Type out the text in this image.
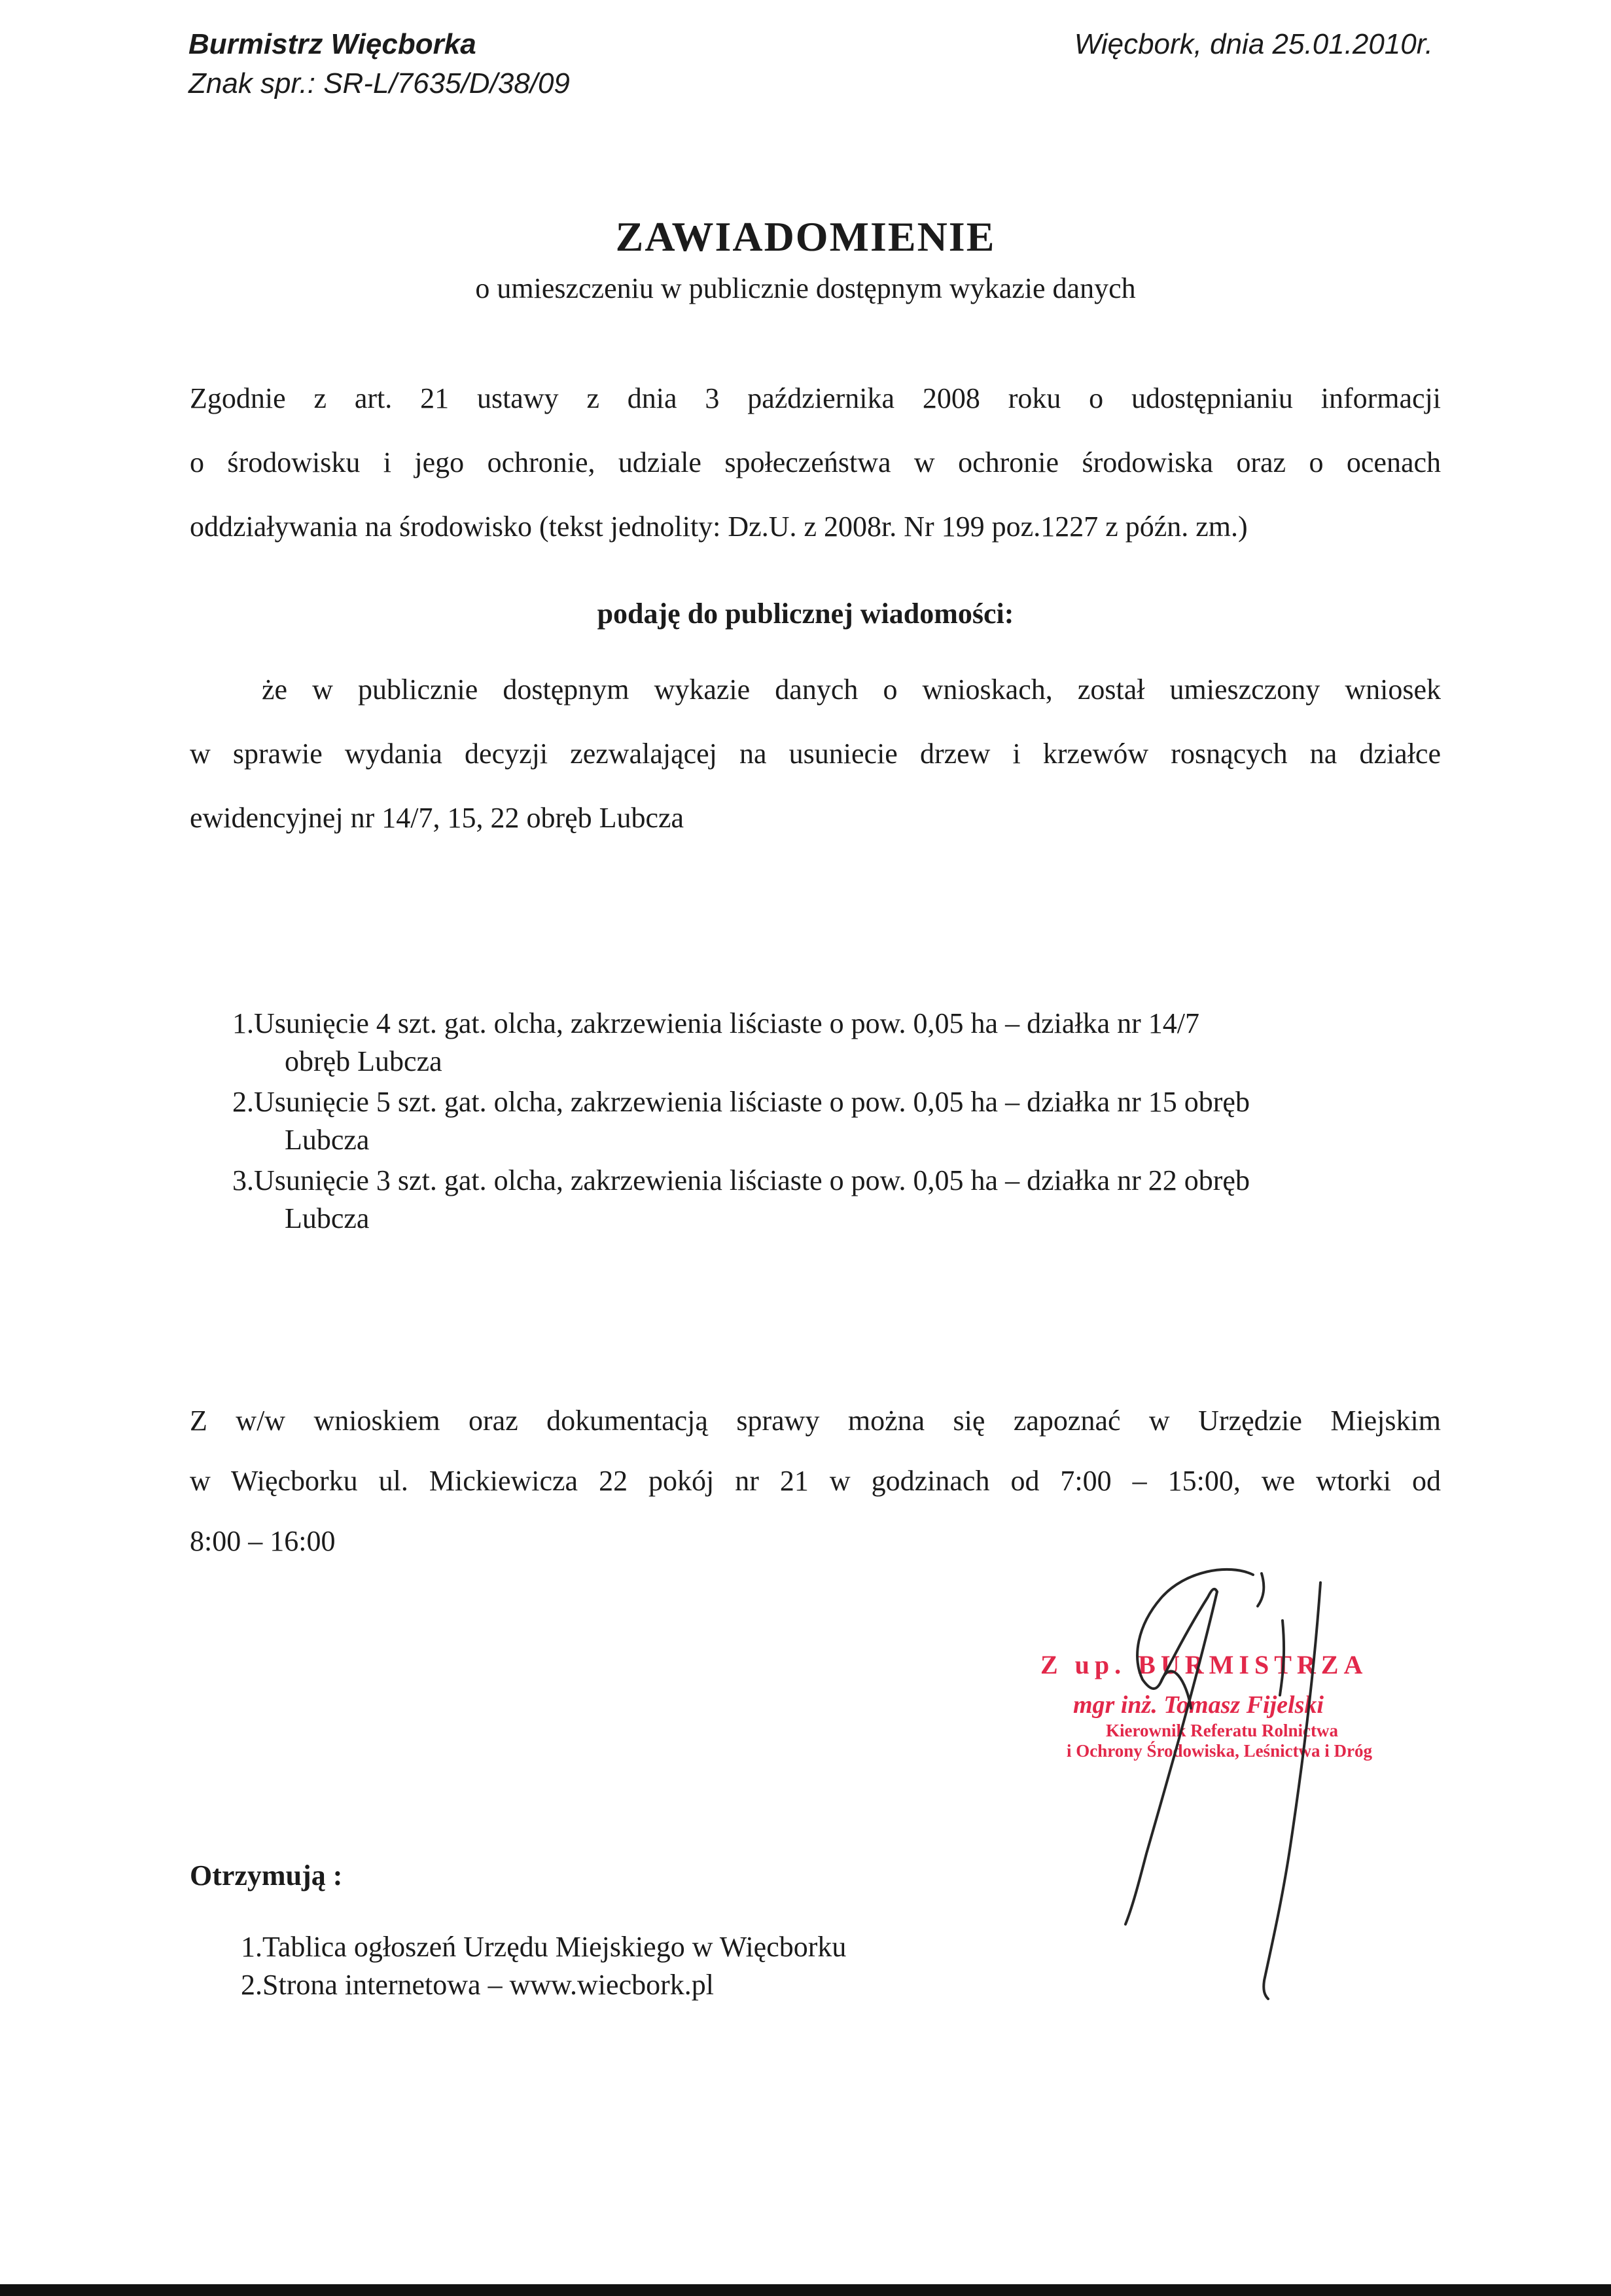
Burmistrz Więcborka
Znak spr.: SR-L/7635/D/38/09
Więcbork, dnia 25.01.2010r.
ZAWIADOMIENIE
o umieszczeniu w publicznie dostępnym wykazie danych
Zgodnie z art. 21 ustawy z dnia 3 października 2008 roku o udostępnianiu informacji
o środowisku i jego ochronie, udziale społeczeństwa w ochronie środowiska oraz o ocenach
oddziaływania na środowisko (tekst jednolity: Dz.U. z 2008r. Nr 199 poz.1227 z późn. zm.)
podaję do publicznej wiadomości:
że w publicznie dostępnym wykazie danych o wnioskach, został umieszczony wniosek
w sprawie wydania decyzji zezwalającej na usuniecie drzew i krzewów rosnących na działce
ewidencyjnej nr 14/7, 15, 22 obręb Lubcza
1.Usunięcie 4 szt. gat. olcha, zakrzewienia liściaste o pow. 0,05 ha – działka nr 14/7
obręb Lubcza
2.Usunięcie 5 szt. gat. olcha, zakrzewienia liściaste o pow. 0,05 ha – działka nr 15 obręb
Lubcza
3.Usunięcie 3 szt. gat. olcha, zakrzewienia liściaste o pow. 0,05 ha – działka nr 22 obręb
Lubcza
Z w/w wnioskiem oraz dokumentacją sprawy można się zapoznać w Urzędzie Miejskim
w Więcborku ul. Mickiewicza 22 pokój nr 21 w godzinach od 7:00 – 15:00, we wtorki od
8:00 – 16:00
Z up. BURMISTRZA
mgr inż. Tomasz Fijelski
Kierownik Referatu Rolnictwa
i Ochrony Środowiska, Leśnictwa i Dróg
Otrzymują :
1.Tablica ogłoszeń Urzędu Miejskiego w Więcborku
2.Strona internetowa – www.wiecbork.pl
